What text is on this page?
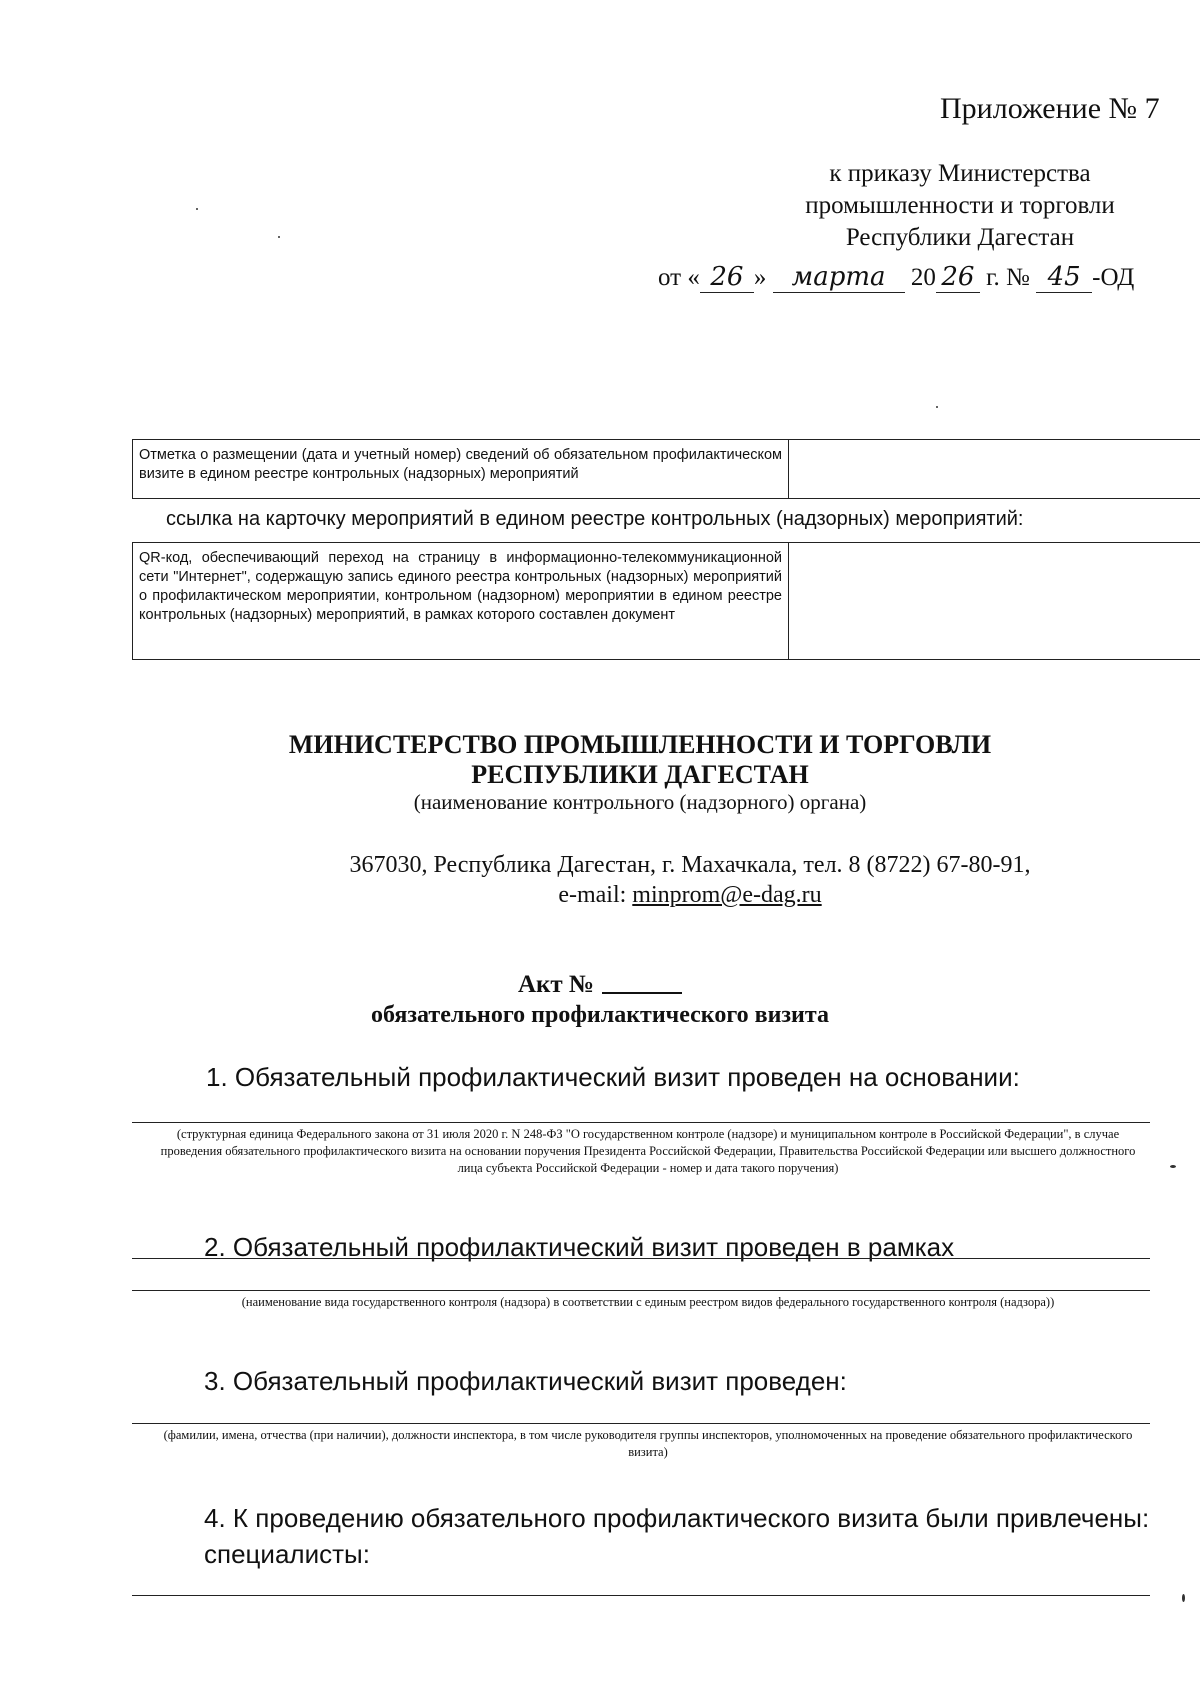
Приложение № 7
к приказу Министерства промышленности и торговли Республики Дагестан
от « 26 » марта 20 26 г. № 45 -ОД
Отметка о размещении (дата и учетный номер) сведений об обязательном профилактическом визите в едином реестре контрольных (надзорных) мероприятий
ссылка на карточку мероприятий в едином реестре контрольных (надзорных) мероприятий:
QR-код, обеспечивающий переход на страницу в информационно-телекоммуникационной сети "Интернет", содержащую запись единого реестра контрольных (надзорных) мероприятий о профилактическом мероприятии, контрольном (надзорном) мероприятии в едином реестре контрольных (надзорных) мероприятий, в рамках которого составлен документ
МИНИСТЕРСТВО ПРОМЫШЛЕННОСТИ И ТОРГОВЛИ
РЕСПУБЛИКИ ДАГЕСТАН
(наименование контрольного (надзорного) органа)
367030, Республика Дагестан, г. Махачкала, тел. 8 (8722) 67-80-91,
e-mail: minprom@e-dag.ru
Акт №
обязательного профилактического визита
1. Обязательный профилактический визит проведен на основании:
(структурная единица Федерального закона от 31 июля 2020 г. N 248-ФЗ "О государственном контроле (надзоре) и муниципальном контроле в Российской Федерации", в случае проведения обязательного профилактического визита на основании поручения Президента Российской Федерации, Правительства Российской Федерации или высшего должностного лица субъекта Российской Федерации - номер и дата такого поручения)
2. Обязательный профилактический визит проведен в рамках
(наименование вида государственного контроля (надзора) в соответствии с единым реестром видов федерального государственного контроля (надзора))
3. Обязательный профилактический визит проведен:
(фамилии, имена, отчества (при наличии), должности инспектора, в том числе руководителя группы инспекторов, уполномоченных на проведение обязательного профилактического визита)
4. К проведению обязательного профилактического визита были привлечены: специалисты:
